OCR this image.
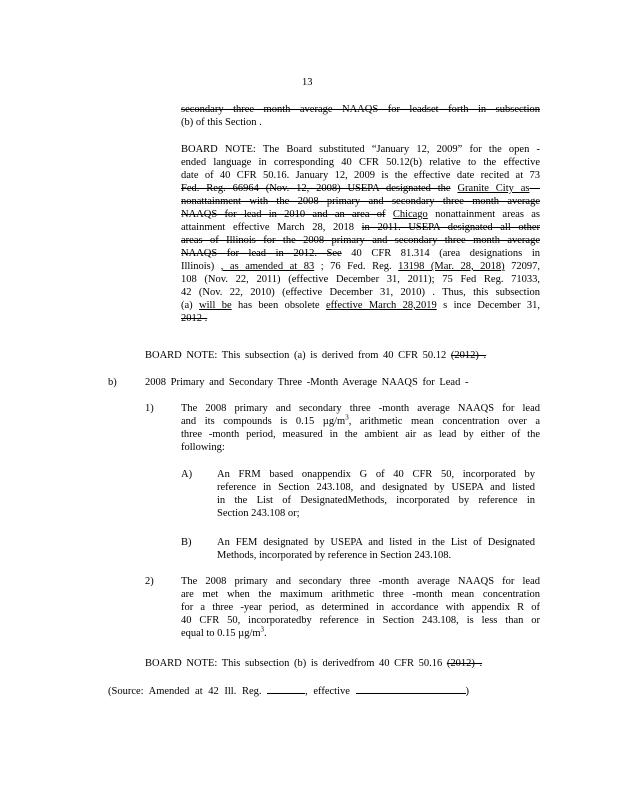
13
secondary three month average NAAQS for leadset forth in subsection
(b) of this Section .
BOARD NOTE: The Board substituted “January 12, 2009” for the open -
ended language in corresponding 40 CFR 50.12(b) relative to the effective
date of 40 CFR 50.16. January 12, 2009 is the effective date recited at 73
Fed. Reg. 66964 (Nov. 12, 2008) USEPA designated the Granite City as—
nonattainment with the 2008 primary and secondary three month average
NAAQS for lead in 2010 and an area of Chicago nonattainment areas as
attainment effective March 28, 2018 in 2011. USEPA designated all other
areas of Illinois for the 2008 primary and secondary three month average
NAAQS for lead in 2012. See 40 CFR 81.314 (area designations in
Illinois) , as amended at 83 ; 76 Fed. Reg. 13198 (Mar. 28, 2018) 72097,
108 (Nov. 22, 2011) (effective December 31, 2011); 75 Fed Reg. 71033,
42 (Nov. 22, 2010) (effective December 31, 2010) . Thus, this subsection
(a) will be has been obsolete effective March 28,2019 s ince December 31,
2012 .
BOARD NOTE: This subsection (a) is derived from 40 CFR 50.12 (2012) .
b)	2008 Primary and Secondary Three -Month Average NAAQS for Lead -
1)	The 2008 primary and secondary three -month average NAAQS for lead
and its compounds is 0.15 $\mu g/m^3$, arithmetic mean concentration over a
three -month period, measured in the ambient air as lead by either of the
following:
A) An FRM based onappendix G of 40 CFR 50, incorporated by
reference in Section 243.108, and designated by USEPA and listed
in the List of DesignatedMethods, incorporated by reference in
Section 243.108 or;
B) An FEM designated by USEPA and listed in the List of Designated
Methods, incorporated by reference in Section 243.108.
2)	The 2008 primary and secondary three -month average NAAQS for lead
are met when the maximum arithmetic three -month mean concentration
for a three -year period, as determined in accordance with appendix R of
40 CFR 50, incorporatedby reference in Section 243.108, is less than or
equal to 0.15 $\mu g/m^3$.
BOARD NOTE: This subsection (b) is derivedfrom 40 CFR 50.16 (2012) .
(Source: Amended at 42 Ill. Reg.	, effective	)
